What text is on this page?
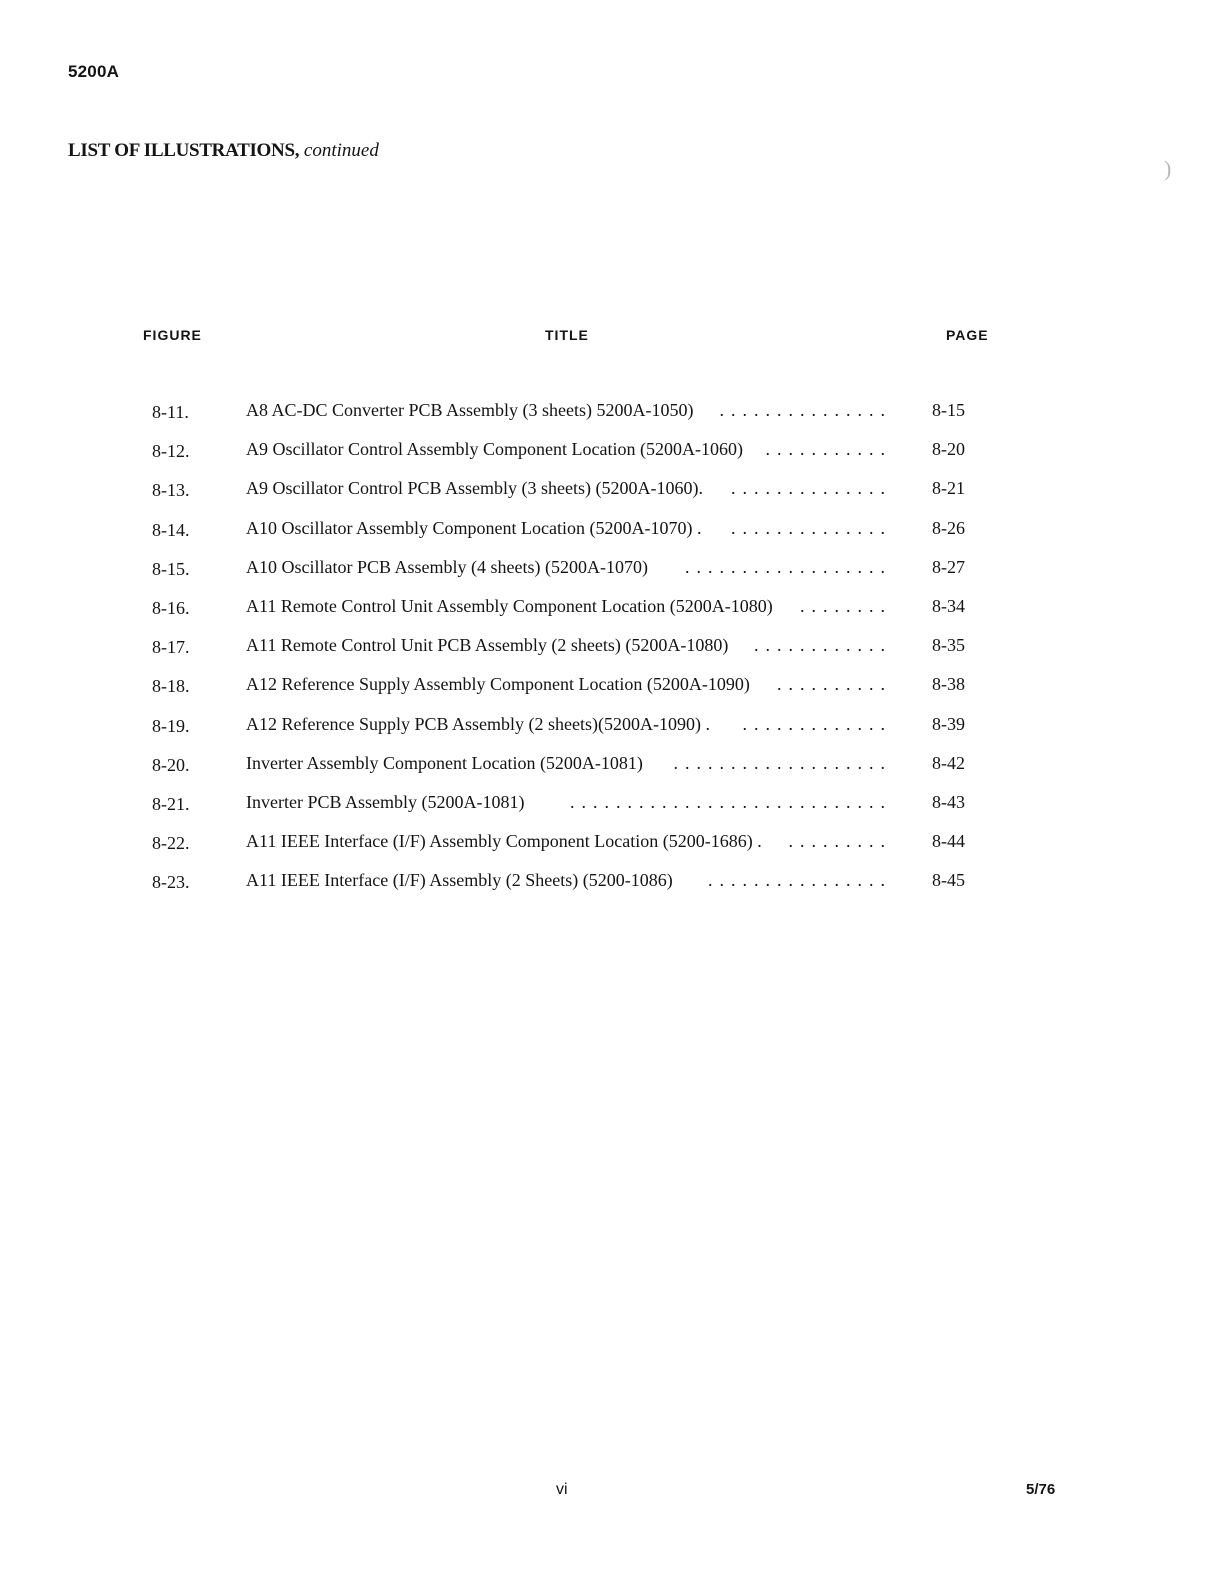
5200A
LIST OF ILLUSTRATIONS, continued
)
FIGURE	TITLE	PAGE
8-11.	A8 AC-DC Converter PCB Assembly (3 sheets) 5200A-1050) ............... 8-15
8-12.	A9 Oscillator Control Assembly Component Location (5200A-1060) ........... 8-20
8-13.	A9 Oscillator Control PCB Assembly (3 sheets) (5200A-1060). .............. 8-21
8-14.	A10 Oscillator Assembly Component Location (5200A-1070) . .............. 8-26
8-15.	A10 Oscillator PCB Assembly (4 sheets) (5200A-1070) .................. 8-27
8-16.	A11 Remote Control Unit Assembly Component Location (5200A-1080) ........ 8-34
8-17.	A11 Remote Control Unit PCB Assembly (2 sheets) (5200A-1080) ............ 8-35
8-18.	A12 Reference Supply Assembly Component Location (5200A-1090) .......... 8-38
8-19.	A12 Reference Supply PCB Assembly (2 sheets)(5200A-1090) . ............. 8-39
8-20.	Inverter Assembly Component Location (5200A-1081) ................... 8-42
8-21.	Inverter PCB Assembly (5200A-1081)	............................ 8-43
8-22.	A11 IEEE Interface (I/F) Assembly Component Location (5200-1686) . ......... 8-44
8-23.	A11 IEEE Interface (I/F) Assembly (2 Sheets) (5200-1086) ................ 8-45
vi	5/76
